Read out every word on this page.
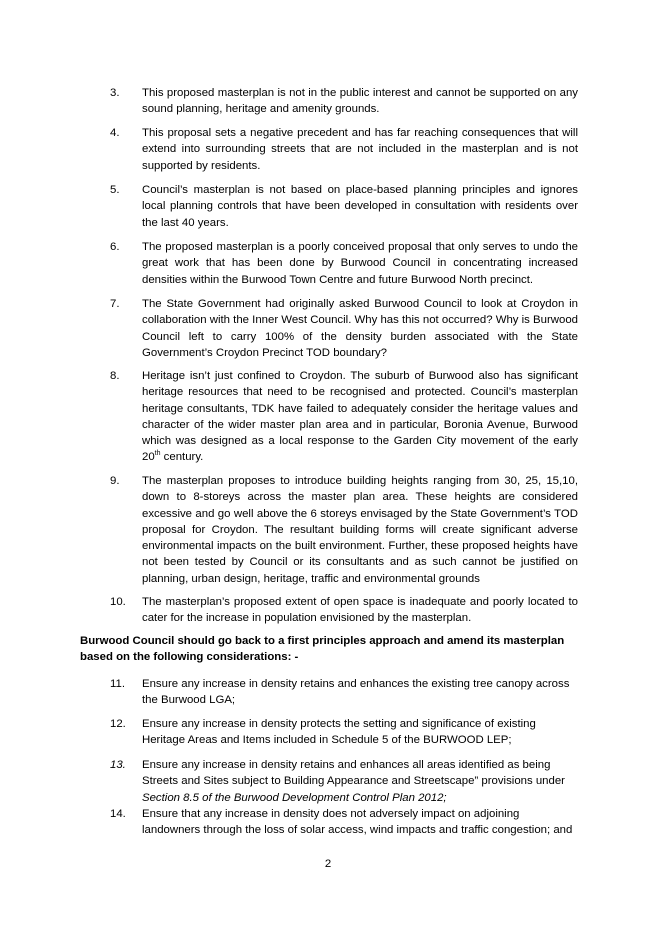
3.	This proposed masterplan is not in the public interest and cannot be supported on any sound planning, heritage and amenity grounds.
4.	This proposal sets a negative precedent and has far reaching consequences that will extend into surrounding streets that are not included in the masterplan and is not supported by residents.
5.	Council’s masterplan is not based on place-based planning principles and ignores local planning controls that have been developed in consultation with residents over the last 40 years.
6.	The proposed masterplan is a poorly conceived proposal that only serves to undo the great work that has been done by Burwood Council in concentrating increased densities within the Burwood Town Centre and future Burwood North precinct.
7.	The State Government had originally asked Burwood Council to look at Croydon in collaboration with the Inner West Council. Why has this not occurred? Why is Burwood Council left to carry 100% of the density burden associated with the State Government’s Croydon Precinct TOD boundary?
8.	Heritage isn’t just confined to Croydon. The suburb of Burwood also has significant heritage resources that need to be recognised and protected. Council’s masterplan heritage consultants, TDK have failed to adequately consider the heritage values and character of the wider master plan area and in particular, Boronia Avenue, Burwood which was designed as a local response to the Garden City movement of the early 20th century.
9.	The masterplan proposes to introduce building heights ranging from 30, 25, 15,10, down to 8-storeys across the master plan area. These heights are considered excessive and go well above the 6 storeys envisaged by the State Government’s TOD proposal for Croydon. The resultant building forms will create significant adverse environmental impacts on the built environment. Further, these proposed heights have not been tested by Council or its consultants and as such cannot be justified on planning, urban design, heritage, traffic and environmental grounds
10.	The masterplan’s proposed extent of open space is inadequate and poorly located to cater for the increase in population envisioned by the masterplan.
Burwood Council should go back to a first principles approach and amend its masterplan based on the following considerations: -
11.	Ensure any increase in density retains and enhances the existing tree canopy across the Burwood LGA;
12.	Ensure any increase in density protects the setting and significance of existing Heritage Areas and Items included in Schedule 5 of the BURWOOD LEP;
13.	Ensure any increase in density retains and enhances all areas identified as being Streets and Sites subject to Building Appearance and Streetscape” provisions under Section 8.5 of the Burwood Development Control Plan 2012;
14.	Ensure that any increase in density does not adversely impact on adjoining landowners through the loss of solar access, wind impacts and traffic congestion; and
2
